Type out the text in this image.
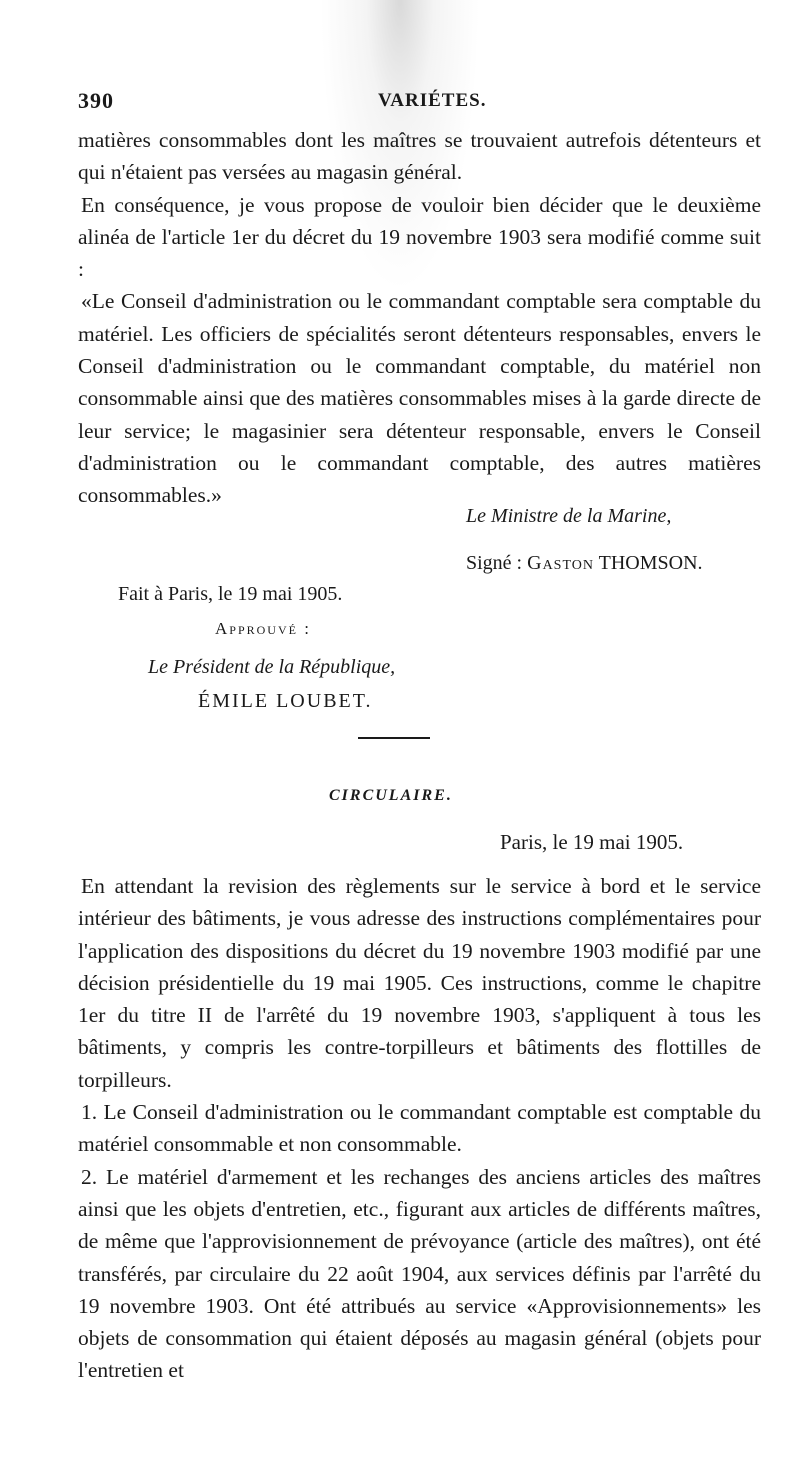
390	VARIÉTES.

matières consommables dont les maîtres se trouvaient autrefois détenteurs et qui n'étaient pas versées au magasin général.

En conséquence, je vous propose de vouloir bien décider que le deuxième alinéa de l'article 1er du décret du 19 novembre 1903 sera modifié comme suit :

«Le Conseil d'administration ou le commandant comptable sera comptable du matériel. Les officiers de spécialités seront détenteurs responsables, envers le Conseil d'administration ou le commandant comptable, du matériel non consommable ainsi que des matières consommables mises à la garde directe de leur service; le magasinier sera détenteur responsable, envers le Conseil d'administration ou le commandant comptable, des autres matières consommables.»

Le Ministre de la Marine,
Signé : Gaston THOMSON.
Fait à Paris, le 19 mai 1905.
Approuvé :
Le Président de la République,
ÉMILE LOUBET.
CIRCULAIRE.
Paris, le 19 mai 1905.

En attendant la revision des règlements sur le service à bord et le service intérieur des bâtiments, je vous adresse des instructions complémentaires pour l'application des dispositions du décret du 19 novembre 1903 modifié par une décision présidentielle du 19 mai 1905. Ces instructions, comme le chapitre 1er du titre II de l'arrêté du 19 novembre 1903, s'appliquent à tous les bâtiments, y compris les contre-torpilleurs et bâtiments des flottilles de torpilleurs.

1. Le Conseil d'administration ou le commandant comptable est comptable du matériel consommable et non consommable.

2. Le matériel d'armement et les rechanges des anciens articles des maîtres ainsi que les objets d'entretien, etc., figurant aux articles de différents maîtres, de même que l'approvisionnement de prévoyance (article des maîtres), ont été transférés, par circulaire du 22 août 1904, aux services définis par l'arrêté du 19 novembre 1903. Ont été attribués au service «Approvisionnements» les objets de consommation qui étaient déposés au magasin général (objets pour l'entretien et
